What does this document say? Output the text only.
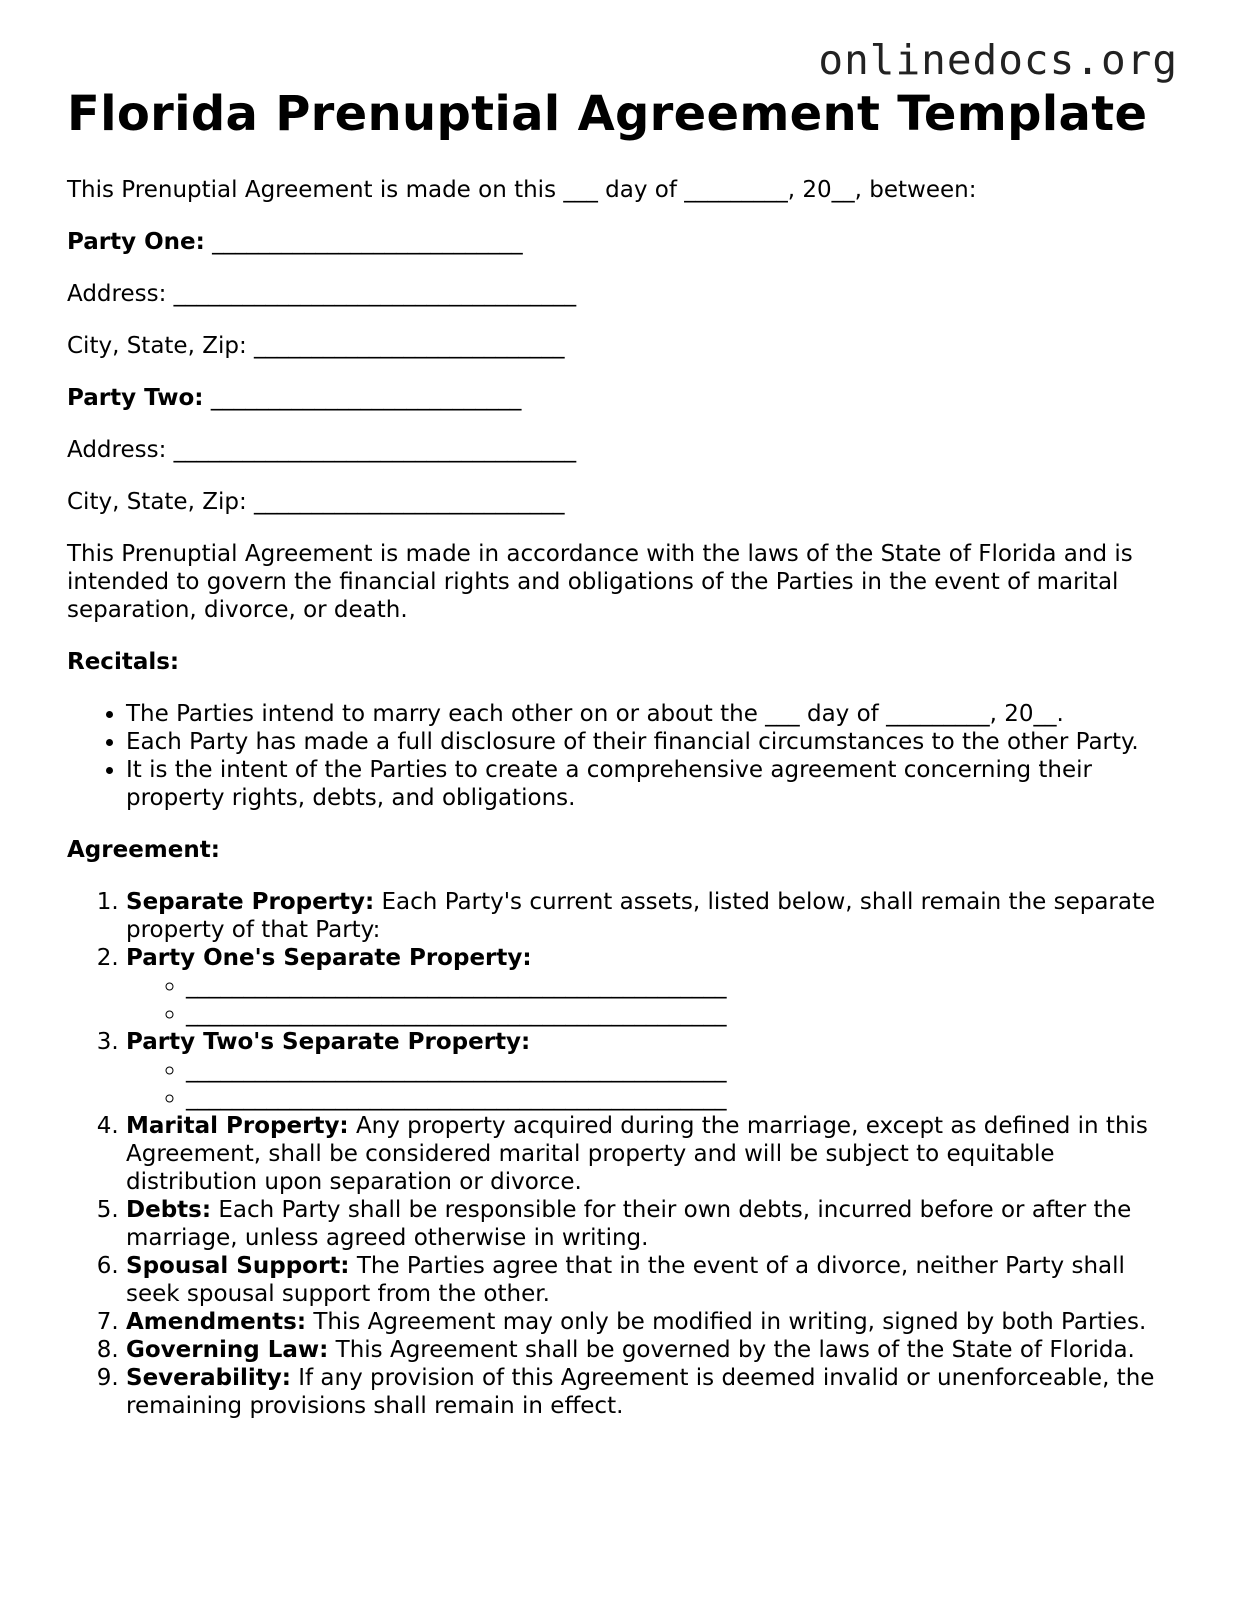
onlinedocs.org
Florida Prenuptial Agreement Template

This Prenuptial Agreement is made on this ___ day of _________, 20__, between:

Party One: ___________________________

Address: ___________________________________

City, State, Zip: ___________________________

Party Two: ___________________________

Address: ___________________________________

City, State, Zip: ___________________________

This Prenuptial Agreement is made in accordance with the laws of the State of Florida and is intended to govern the financial rights and obligations of the Parties in the event of marital separation, divorce, or death.

Recitals:

• The Parties intend to marry each other on or about the ___ day of _________, 20__.
• Each Party has made a full disclosure of their financial circumstances to the other Party.
• It is the intent of the Parties to create a comprehensive agreement concerning their property rights, debts, and obligations.

Agreement:

1. Separate Property: Each Party's current assets, listed below, shall remain the separate property of that Party:
2. Party One's Separate Property:
◦ _______________________________________________
◦ _______________________________________________
3. Party Two's Separate Property:
◦ _______________________________________________
◦ _______________________________________________
4. Marital Property: Any property acquired during the marriage, except as defined in this Agreement, shall be considered marital property and will be subject to equitable distribution upon separation or divorce.
5. Debts: Each Party shall be responsible for their own debts, incurred before or after the marriage, unless agreed otherwise in writing.
6. Spousal Support: The Parties agree that in the event of a divorce, neither Party shall seek spousal support from the other.
7. Amendments: This Agreement may only be modified in writing, signed by both Parties.
8. Governing Law: This Agreement shall be governed by the laws of the State of Florida.
9. Severability: If any provision of this Agreement is deemed invalid or unenforceable, the remaining provisions shall remain in effect.
